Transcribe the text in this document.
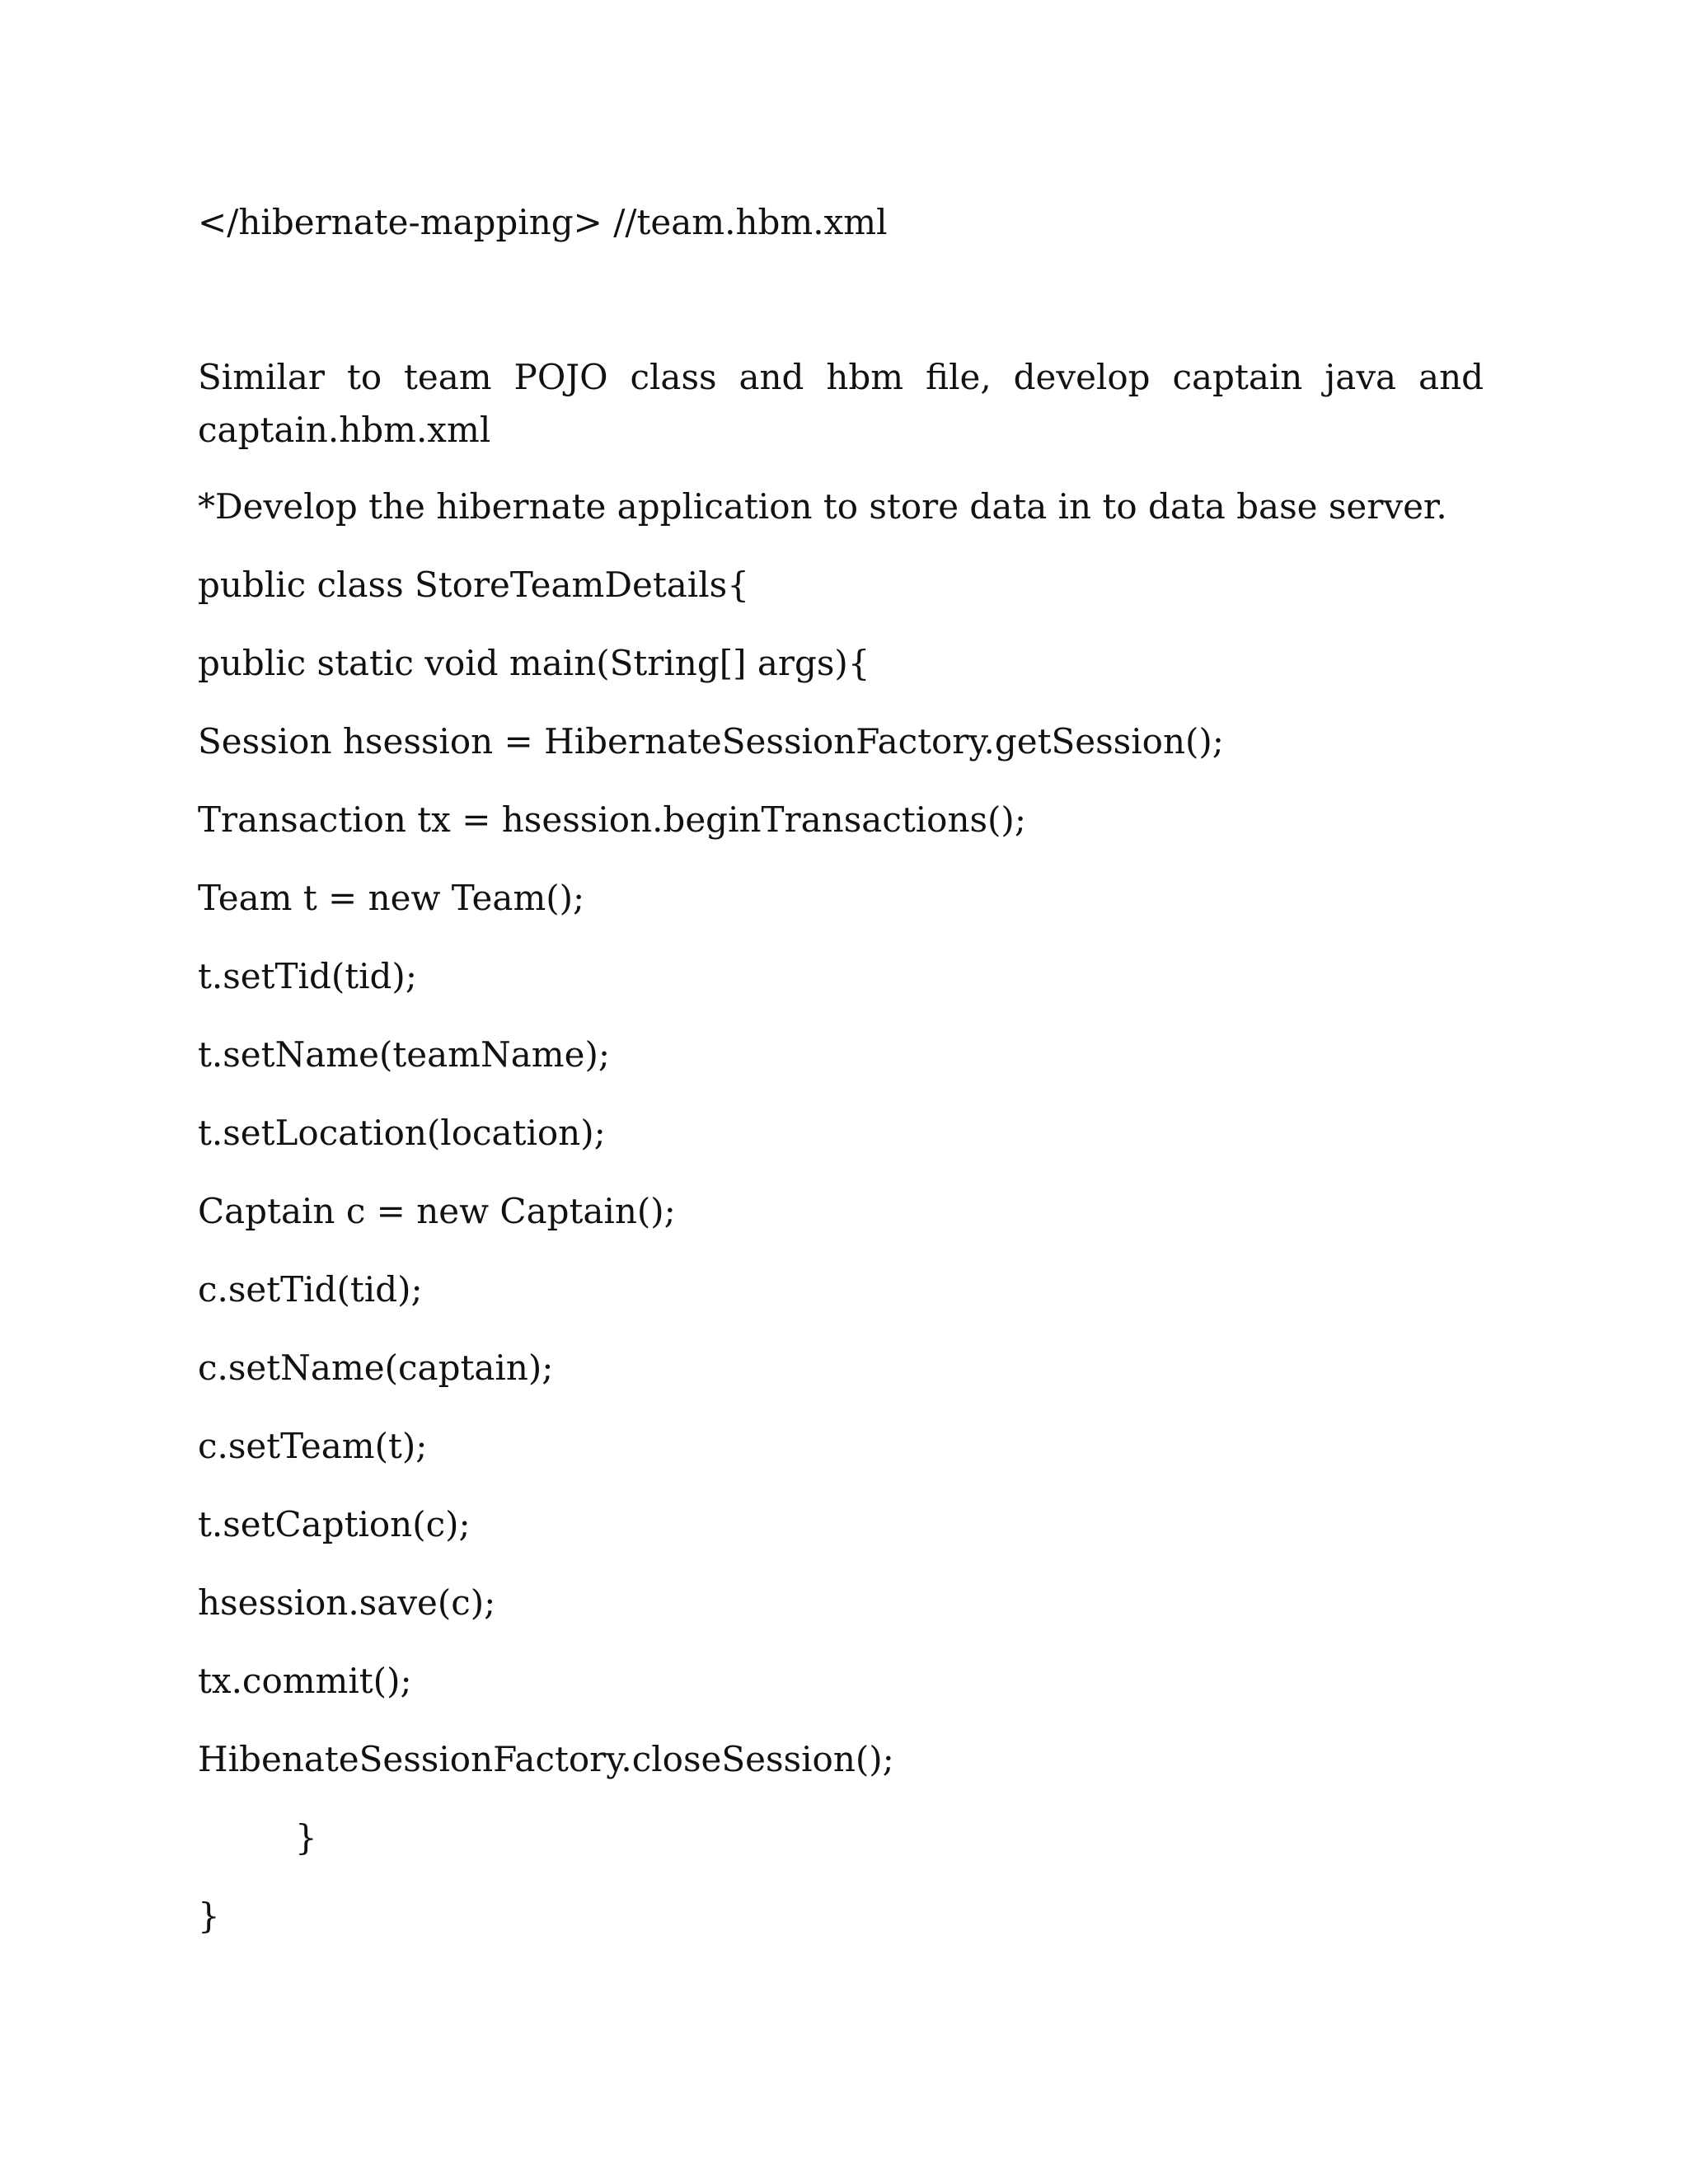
</hibernate-mapping> //team.hbm.xml
Similar to team POJO class and hbm file, develop captain java and captain.hbm.xml
*Develop the hibernate application to store data in to data base server.
public class StoreTeamDetails{
public static void main(String[] args){
Session hsession = HibernateSessionFactory.getSession();
Transaction tx = hsession.beginTransactions();
Team t = new Team();
t.setTid(tid);
t.setName(teamName);
t.setLocation(location);
Captain c = new Captain();
c.setTid(tid);
c.setName(captain);
c.setTeam(t);
t.setCaption(c);
hsession.save(c);
tx.commit();
HibenateSessionFactory.closeSession();
}
}
